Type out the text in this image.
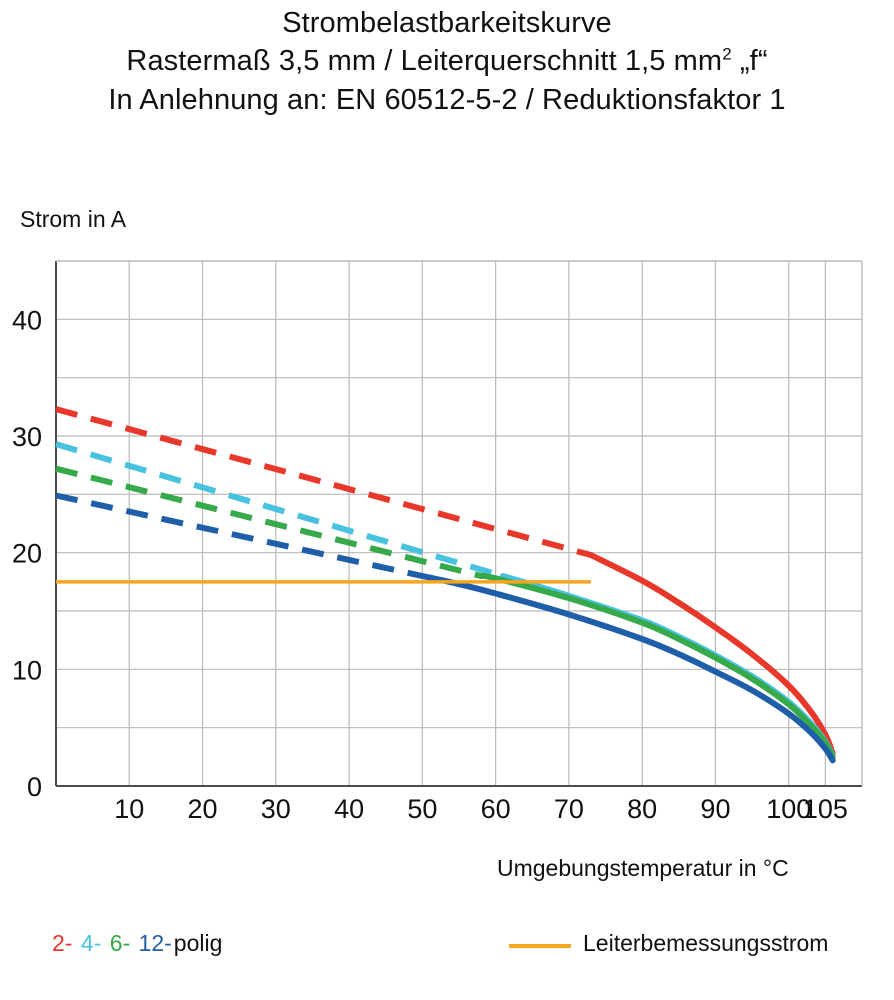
Strombelastbarkeitskurve
Rastermaß 3,5 mm / Leiterquerschnitt 1,5 $mm^2$ „f“
In Anlehnung an: EN 60512-5-2 / Reduktionsfaktor 1
Strom in A
Umgebungstemperatur in °C
10 20 30 40 50 60 70 80 90 100
105
0
10
20
30
40
2- 4- 6- 12-polig	Leiterbemessungsstrom
